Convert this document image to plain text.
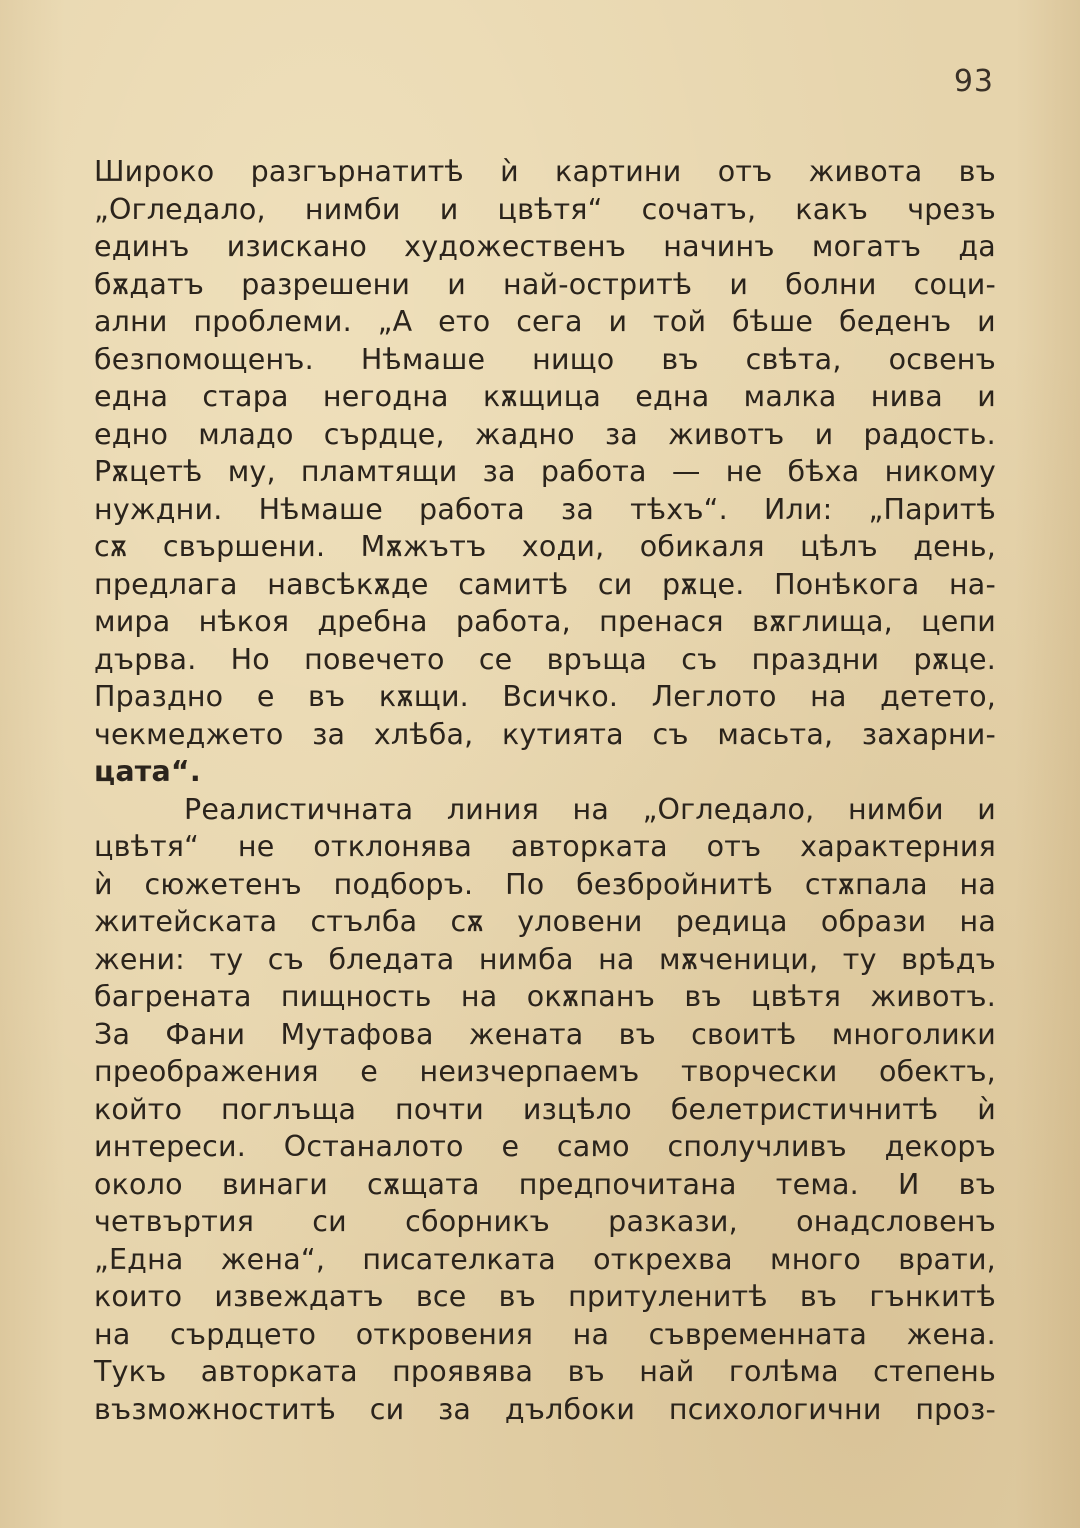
93
Широко разгърнатитѣ ѝ картини отъ живота въ
„Огледало, нимби и цвѣтя“ сочатъ, какъ чрезъ
единъ изискано художественъ начинъ могатъ да
бѫдатъ разрешени и най-остритѣ и болни соци-
ални проблеми. „А ето сега и той бѣше беденъ и
безпомощенъ. Нѣмаше нищо въ свѣта, освенъ
една стара негодна кѫщица една малка нива и
едно младо сърдце, жадно за животъ и радость.
Рѫцетѣ му, пламтящи за работа — не бѣха никому
нуждни. Нѣмаше работа за тѣхъ“. Или: „Паритѣ
сѫ свършени. Мѫжътъ ходи, обикаля цѣлъ день,
предлага навсѣкѫде самитѣ си рѫце. Понѣкога на-
мира нѣкоя дребна работа, пренася вѫглища, цепи
дърва. Но повечето се връща съ праздни рѫце.
Праздно е въ кѫщи. Всичко. Леглото на детето,
чекмеджето за хлѣба, кутията съ масьта, захарни-
цата“.
Реалистичната линия на „Огледало, нимби и
цвѣтя“ не отклонява авторката отъ характерния
ѝ сюжетенъ подборъ. По безбройнитѣ стѫпала на
житейската стълба сѫ уловени редица образи на
жени: ту съ бледата нимба на мѫченици, ту врѣдъ
багрената пищность на окѫпанъ въ цвѣтя животъ.
За Фани Мутафова жената въ своитѣ многолики
преображения е неизчерпаемъ творчески обектъ,
който поглъща почти изцѣло белетристичнитѣ ѝ
интереси. Останалото е само сполучливъ декоръ
около винаги сѫщата предпочитана тема. И въ
четвъртия си сборникъ разкази, онадсловенъ
„Една жена“, писателката открехва много врати,
които извеждатъ все въ притуленитѣ въ гънкитѣ
на сърдцето откровения на съвременната жена.
Тукъ авторката проявява въ най голѣма степень
възможноститѣ си за дълбоки психологични проз-
